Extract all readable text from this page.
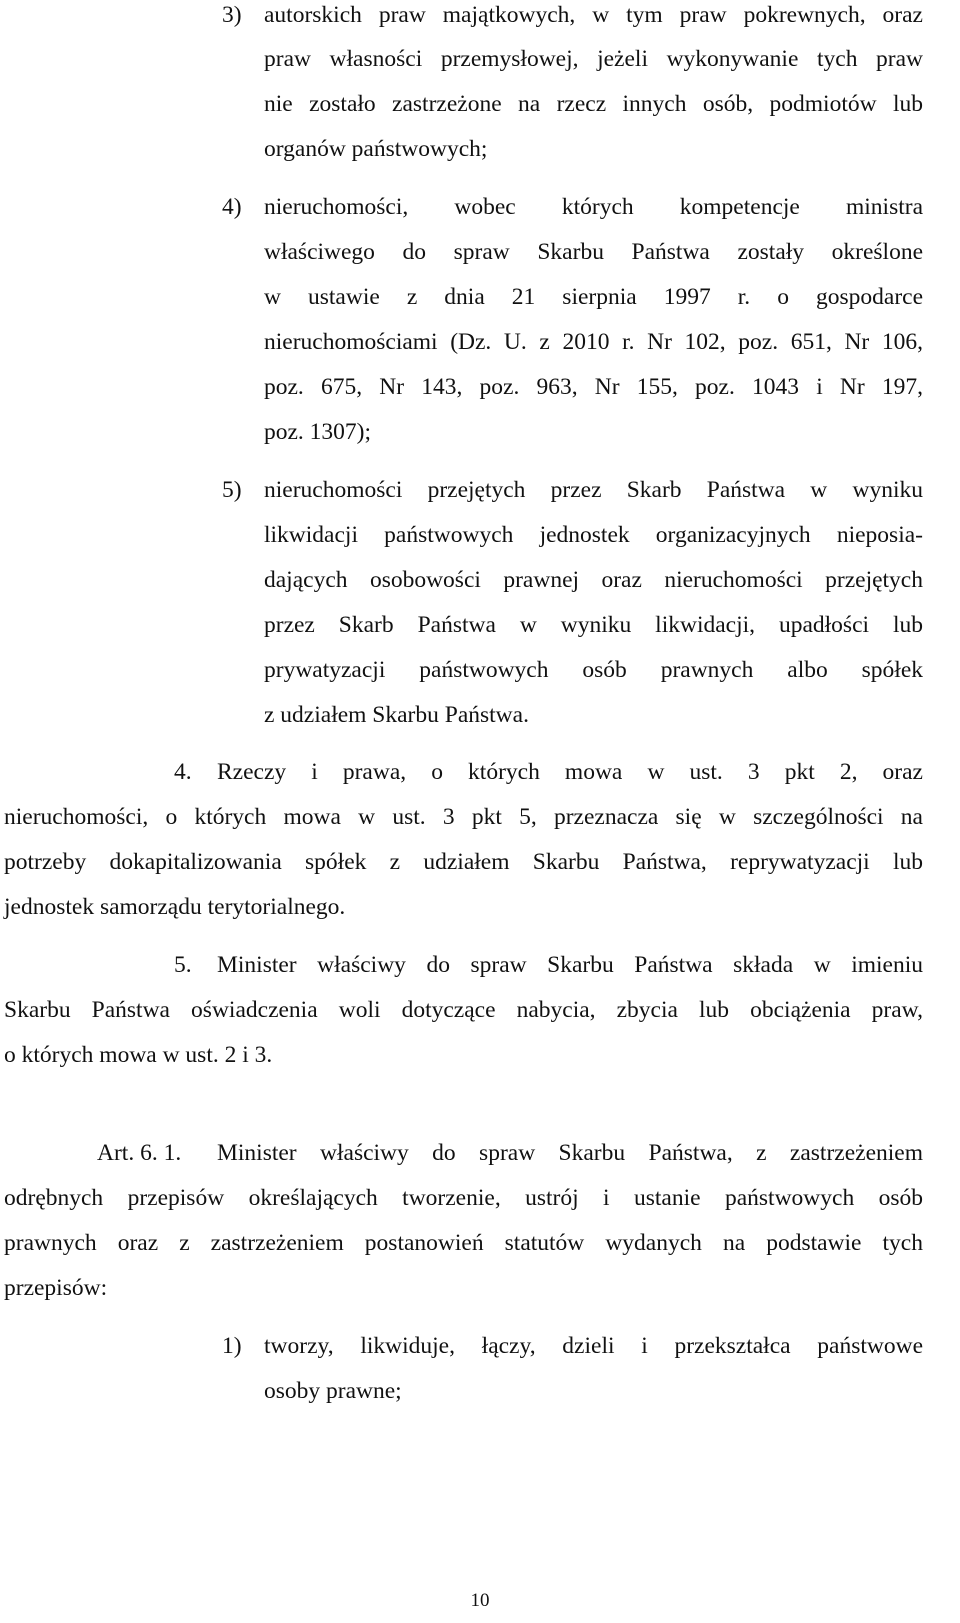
3) autorskich praw majątkowych, w tym praw pokrewnych, oraz
praw własności przemysłowej, jeżeli wykonywanie tych praw
nie zostało zastrzeżone na rzecz innych osób, podmiotów lub
organów państwowych;
4) nieruchomości, wobec których kompetencje ministra
właściwego do spraw Skarbu Państwa zostały określone
w ustawie z dnia 21 sierpnia 1997 r. o gospodarce
nieruchomościami (Dz. U. z 2010 r. Nr 102, poz. 651, Nr 106,
poz. 675, Nr 143, poz. 963, Nr 155, poz. 1043 i Nr 197,
poz. 1307);
5) nieruchomości przejętych przez Skarb Państwa w wyniku
likwidacji państwowych jednostek organizacyjnych nieposia-
dających osobowości prawnej oraz nieruchomości przejętych
przez Skarb Państwa w wyniku likwidacji, upadłości lub
prywatyzacji państwowych osób prawnych albo spółek
z udziałem Skarbu Państwa.
4. Rzeczy i prawa, o których mowa w ust. 3 pkt 2, oraz
nieruchomości, o których mowa w ust. 3 pkt 5, przeznacza się w szczególności na
potrzeby dokapitalizowania spółek z udziałem Skarbu Państwa, reprywatyzacji lub
jednostek samorządu terytorialnego.
5. Minister właściwy do spraw Skarbu Państwa składa w imieniu
Skarbu Państwa oświadczenia woli dotyczące nabycia, zbycia lub obciążenia praw,
o których mowa w ust. 2 i 3.
Art. 6. 1. Minister właściwy do spraw Skarbu Państwa, z zastrzeżeniem
odrębnych przepisów określających tworzenie, ustrój i ustanie państwowych osób
prawnych oraz z zastrzeżeniem postanowień statutów wydanych na podstawie tych
przepisów:
1) tworzy, likwiduje, łączy, dzieli i przekształca państwowe
osoby prawne;
10
